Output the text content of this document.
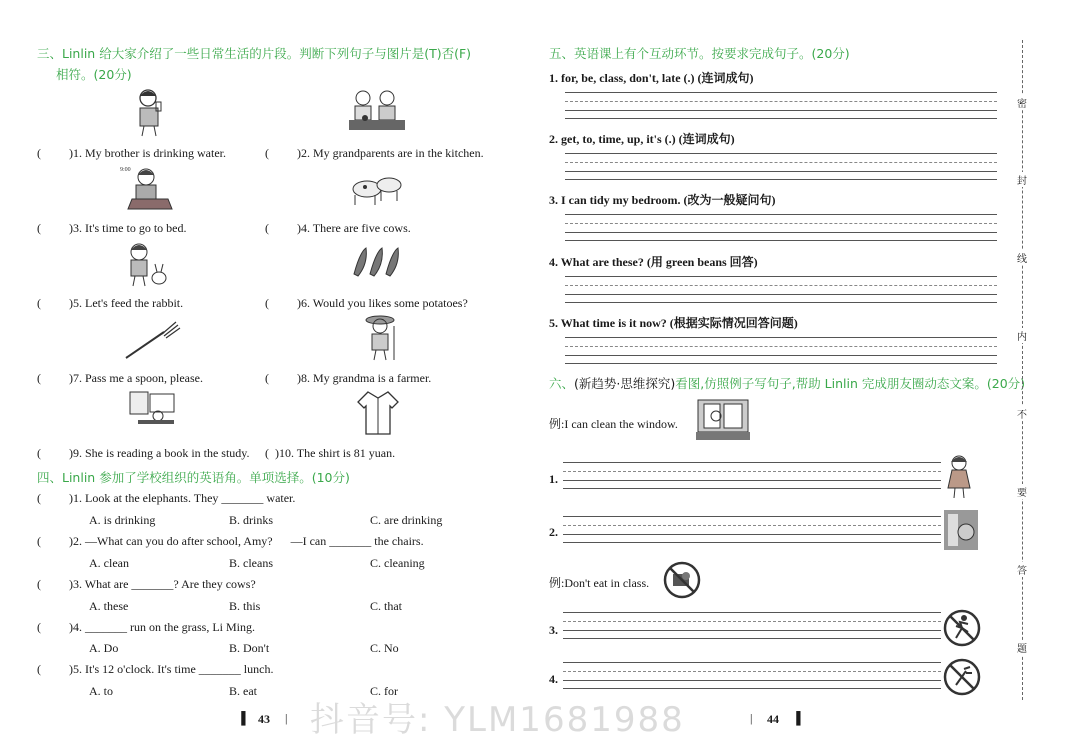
三、Linlin 给大家介绍了一些日常生活的片段。判断下列句子与图片是(T)否(F)
相符。(20分)
9:00
( )1. My brother is drinking water.	( )2. My grandparents are in the kitchen.
( )3. It's time to go to bed.	( )4. There are five cows.
( )5. Let's feed the rabbit.	( )6. Would you likes some potatoes?
( )7. Pass me a spoon, please.	( )8. My grandma is a farmer.
( )9. She is reading a book in the study. ( )10. The shirt is 81 yuan.
四、Linlin 参加了学校组织的英语角。单项选择。(10分)
( )1. Look at the elephants. They _______ water.
A. is drinking	B. drinks	C. are drinking
( )2. —What can you do after school, Amy? —I can _______ the chairs.
A. clean	B. cleans	C. cleaning
( )3. What are _______? Are they cows?
A. these	B. this	C. that
( )4. _______ run on the grass, Li Ming.
A. Do	B. Don't	C. No
( )5. It's 12 o'clock. It's time _______ lunch.
A. to	B. eat	C. for
▐ 43 |
五、英语课上有个互动环节。按要求完成句子。(20分)
1. for, be, class, don't, late (.) (连词成句)
2. get, to, time, up, it's (.) (连词成句)
3. I can tidy my bedroom. (改为一般疑问句)
4. What are these? (用 green beans 回答)
5. What time is it now? (根据实际情况回答问题)
六、(新趋势·思维探究)看图,仿照例子写句子,帮助 Linlin 完成朋友圈动态文案。(20分)
例:I can clean the window.
1.
2.
例:Don't eat in class.
3.
4.
| 44 ▐
密
封
线
内
不
要
答
题
抖音号: YLM1681988
